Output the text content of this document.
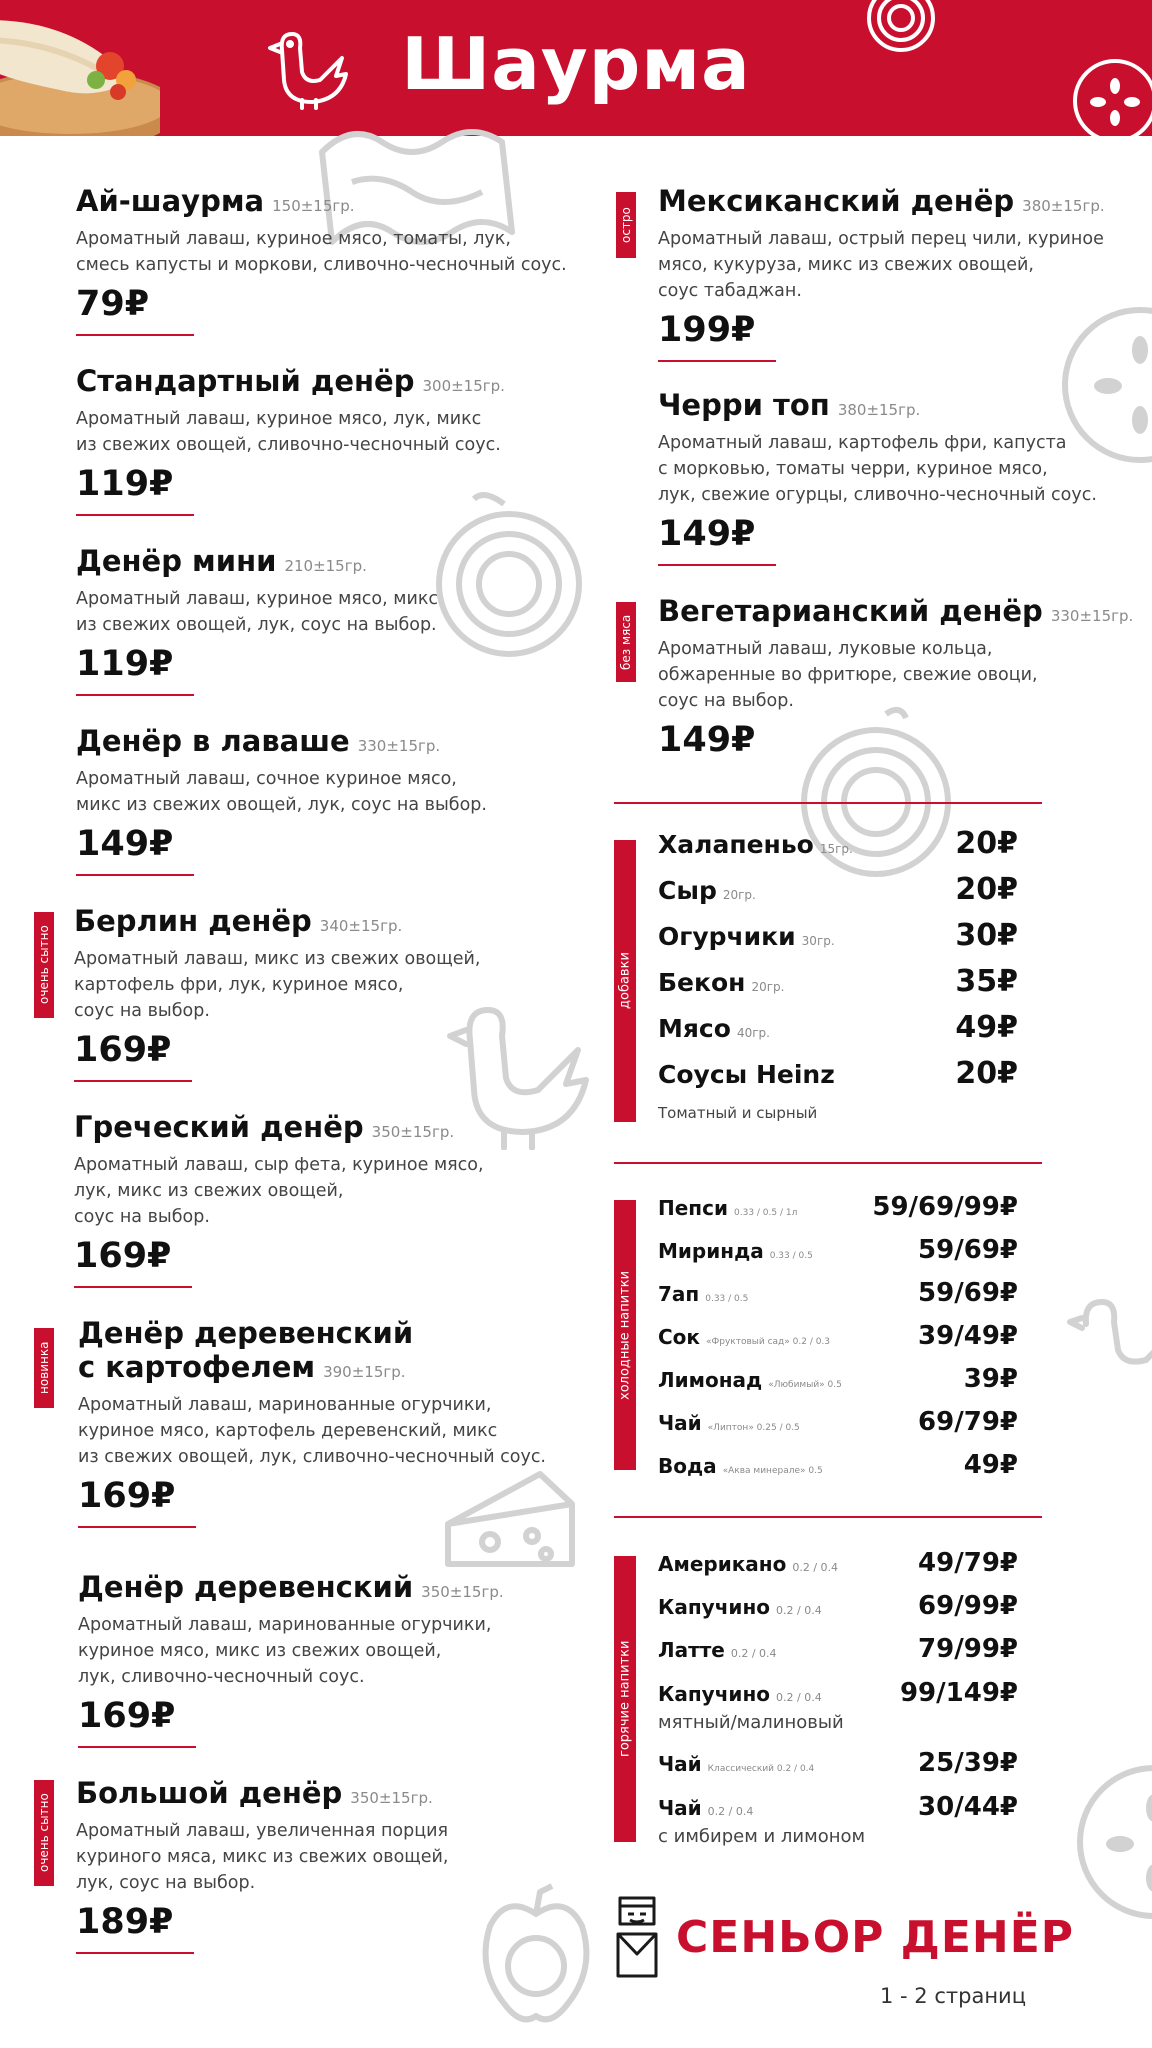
Шаурма
Ай-шаурма 150±15гр.
Ароматный лаваш, куриное мясо, томаты, лук,
смесь капусты и моркови, сливочно-чесночный соус.
79₽
Стандартный денёр 300±15гр.
Ароматный лаваш, куриное мясо, лук, микс
из свежих овощей, сливочно-чесночный соус.
119₽
Денёр мини 210±15гр.
Ароматный лаваш, куриное мясо, микс
из свежих овощей, лук, соус на выбор.
119₽
Денёр в лаваше 330±15гр.
Ароматный лаваш, сочное куриное мясо,
микс из свежих овощей, лук, соус на выбор.
149₽
очень сытно
Берлин денёр 340±15гр.
Ароматный лаваш, микс из свежих овощей,
картофель фри, лук, куриное мясо,
соус на выбор.
169₽
Греческий денёр 350±15гр.
Ароматный лаваш, сыр фета, куриное мясо,
лук, микс из свежих овощей,
соус на выбор.
169₽
новинка
Денёр деревенский
с картофелем 390±15гр.
Ароматный лаваш, маринованные огурчики,
куриное мясо, картофель деревенский, микс
из свежих овощей, лук, сливочно-чесночный соус.
169₽
Денёр деревенский 350±15гр.
Ароматный лаваш, маринованные огурчики,
куриное мясо, микс из свежих овощей,
лук, сливочно-чесночный соус.
169₽
очень сытно
Большой денёр 350±15гр.
Ароматный лаваш, увеличенная порция
куриного мяса, микс из свежих овощей,
лук, соус на выбор.
189₽
остро
Мексиканский денёр 380±15гр.
Ароматный лаваш, острый перец чили, куриное
мясо, кукуруза, микс из свежих овощей,
соус табаджан.
199₽
Черри топ 380±15гр.
Ароматный лаваш, картофель фри, капуста
с морковью, томаты черри, куриное мясо,
лук, свежие огурцы, сливочно-чесночный соус.
149₽
без мяса
Вегетарианский денёр 330±15гр.
Ароматный лаваш, луковые кольца,
обжаренные во фритюре, свежие овоци,
соус на выбор.
149₽
добавки
Халапеньо 15гр.	20₽
Сыр 20гр.	20₽
Огурчики 30гр.	30₽
Бекон 20гр.	35₽
Мясо 40гр.	49₽
Соусы Heinz	20₽
Томатный и сырный
холодные напитки
Пепси 0.33 / 0.5 / 1л	59/69/99₽
Миринда 0.33 / 0.5	59/69₽
7ап 0.33 / 0.5	59/69₽
Сок «Фруктовый сад» 0.2 / 0.3	39/49₽
Лимонад «Любимый» 0.5	39₽
Чай «Липтон» 0.25 / 0.5	69/79₽
Вода «Аква минерале» 0.5	49₽
горячие напитки
Американо 0.2 / 0.4	49/79₽
Капучино 0.2 / 0.4	69/99₽
Латте 0.2 / 0.4	79/99₽
Капучино 0.2 / 0.4	99/149₽
мятный/малиновый
Чай Классический 0.2 / 0.4	25/39₽
Чай 0.2 / 0.4	30/44₽
с имбирем и лимоном
СЕНЬОР ДЕНЁР
1 - 2 страниц
